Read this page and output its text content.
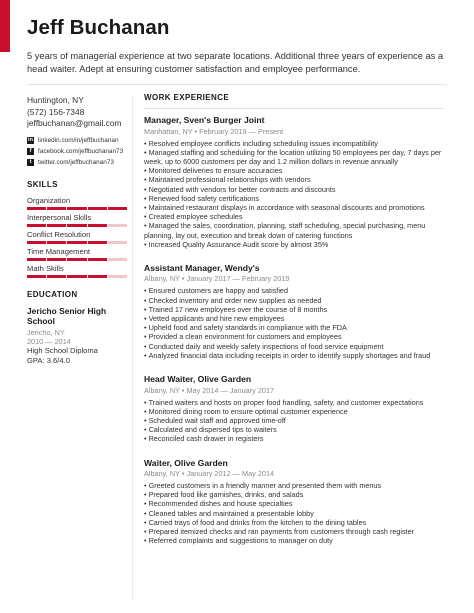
Jeff Buchanan
5 years of managerial experience at two separate locations. Additional three years of experience as a head waiter. Adept at ensuring customer satisfaction and employee performance.
Huntington, NY
(572) 156-7348
jeffbuchanan@gmail.com
in linkedin.com/in/jeffbuchanan
f	facebook.com/jeffbuchanan73
t	twitter.com/jeffbuchanan73
SKILLS
Organization
Interpersonal Skills
Conflict Resolution
Time Management
Math Skills
EDUCATION
Jericho Senior High School
Jericho, NY
2010 — 2014
High School Diploma
GPA: 3.6/4.0
WORK EXPERIENCE
Manager, Sven's Burger Joint
Manhattan, NY • February 2019 — Present
• Resolved employee conflicts including scheduling issues incompatibility
• Managed staffing and scheduling for the location utilizing 50 employees per day, 7 days per week, up to 6000 customers per day and 1.2 million dollars in revenue annually
• Monitored deliveries to ensure accuracies
• Maintained professional relationships with vendors
• Negotiated with vendors for better contracts and discounts
• Renewed food safety certifications
• Maintained restaurant displays in accordance with seasonal discounts and promotions
• Created employee schedules
• Managed the sales, coordination, planning, staff scheduling, special purchasing, menu planning, lay out, execution and break down of catering functions
• Increased Quality Assurance Audit score by almost 35%
Assistant Manager, Wendy's
Albany, NY • January 2017 — February 2019
• Ensured customers are happy and satisfied
• Checked inventory and order new supplies as needed
• Trained 17 new employees over the course of 8 months
• Vetted applicants and hire new employees
• Upheld food and safety standards in compliance with the FDA
• Provided a clean environment for customers and employees
• Conducted daily and weekly safety inspections of food service equipment
• Analyzed financial data including receipts in order to identify supply shortages and fraud
Head Waiter, Olive Garden
Albany, NY • May 2014 — January 2017
• Trained waiters and hosts on proper food handling, safety, and customer expectations
• Monitored dining room to ensure optimal customer experience
• Scheduled wait staff and approved time-off
• Calculated and dispersed tips to waiters
• Reconciled cash drawer in registers
Waiter, Olive Garden
Albany, NY • January 2012 — May 2014
• Greeted customers in a friendly manner and presented them with menus
• Prepared food like garnishes, drinks, and salads
• Recommended dishes and house specialties
• Cleaned tables and maintained a presentable lobby
• Carried trays of food and drinks from the kitchen to the dining tables
• Prepared itemized checks and ran payments from customers through cash register
• Referred complaints and suggestions to manager on duty
